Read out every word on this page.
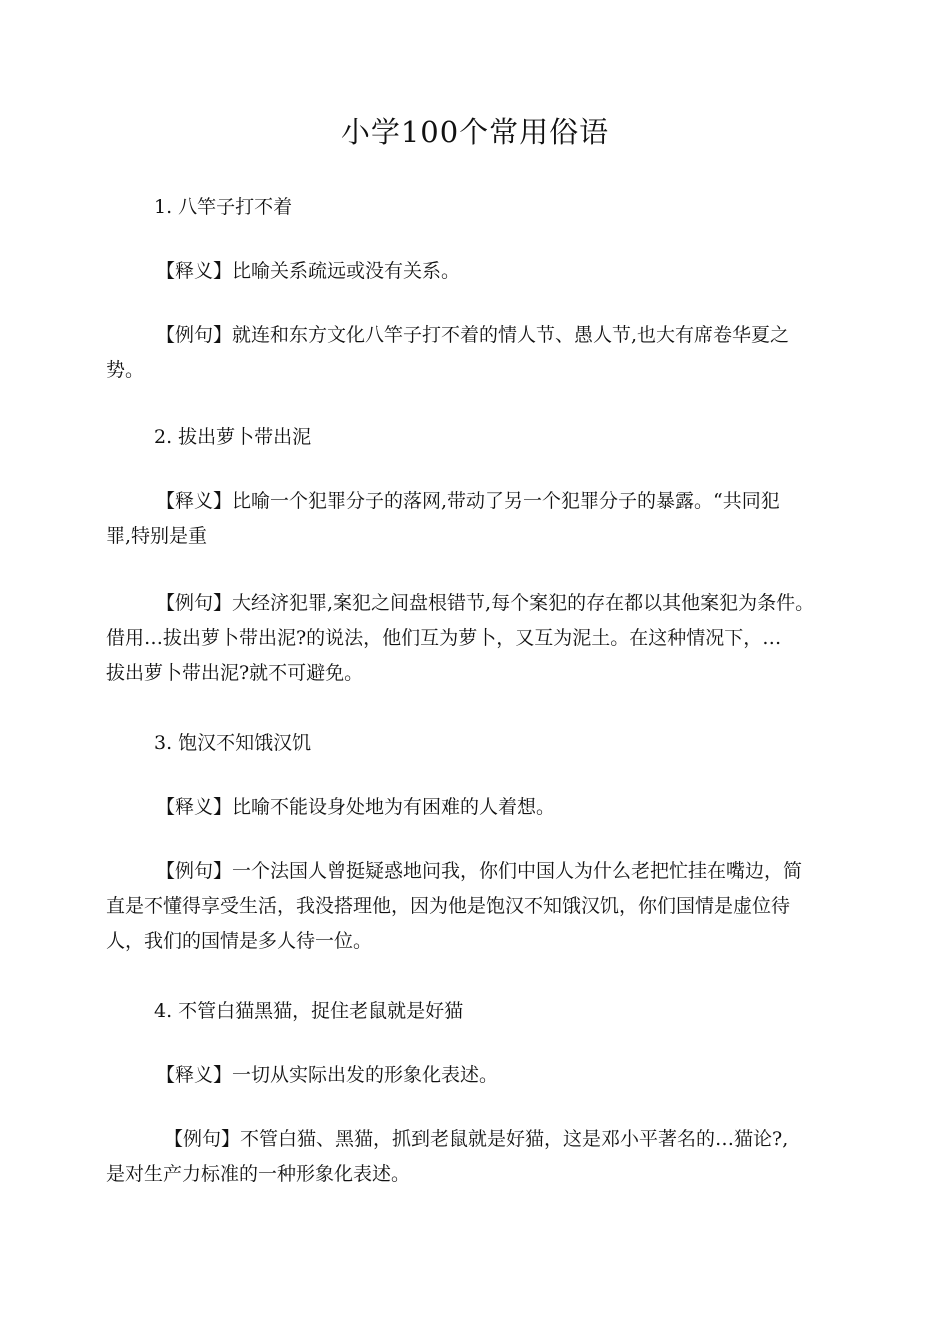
小学100个常用俗语
1. 八竿子打不着
【释义】比喻关系疏远或没有关系。
【例句】就连和东方文化八竿子打不着的情人节、愚人节,也大有席卷华夏之
势。
2. 拔出萝卜带出泥
【释义】比喻一个犯罪分子的落网,带动了另一个犯罪分子的暴露。“共同犯
罪,特别是重
【例句】大经济犯罪,案犯之间盘根错节,每个案犯的存在都以其他案犯为条件。
借用…拔出萝卜带出泥?的说法，他们互为萝卜，又互为泥土。在这种情况下，…
拔出萝卜带出泥?就不可避免。
3. 饱汉不知饿汉饥
【释义】比喻不能设身处地为有困难的人着想。
【例句】一个法国人曾挺疑惑地问我，你们中国人为什么老把忙挂在嘴边，简
直是不懂得享受生活，我没搭理他，因为他是饱汉不知饿汉饥，你们国情是虚位待
人，我们的国情是多人待一位。
4. 不管白猫黑猫，捉住老鼠就是好猫
【释义】一切从实际出发的形象化表述。
【例句】不管白猫、黑猫，抓到老鼠就是好猫，这是邓小平著名的…猫论?,
是对生产力标准的一种形象化表述。
